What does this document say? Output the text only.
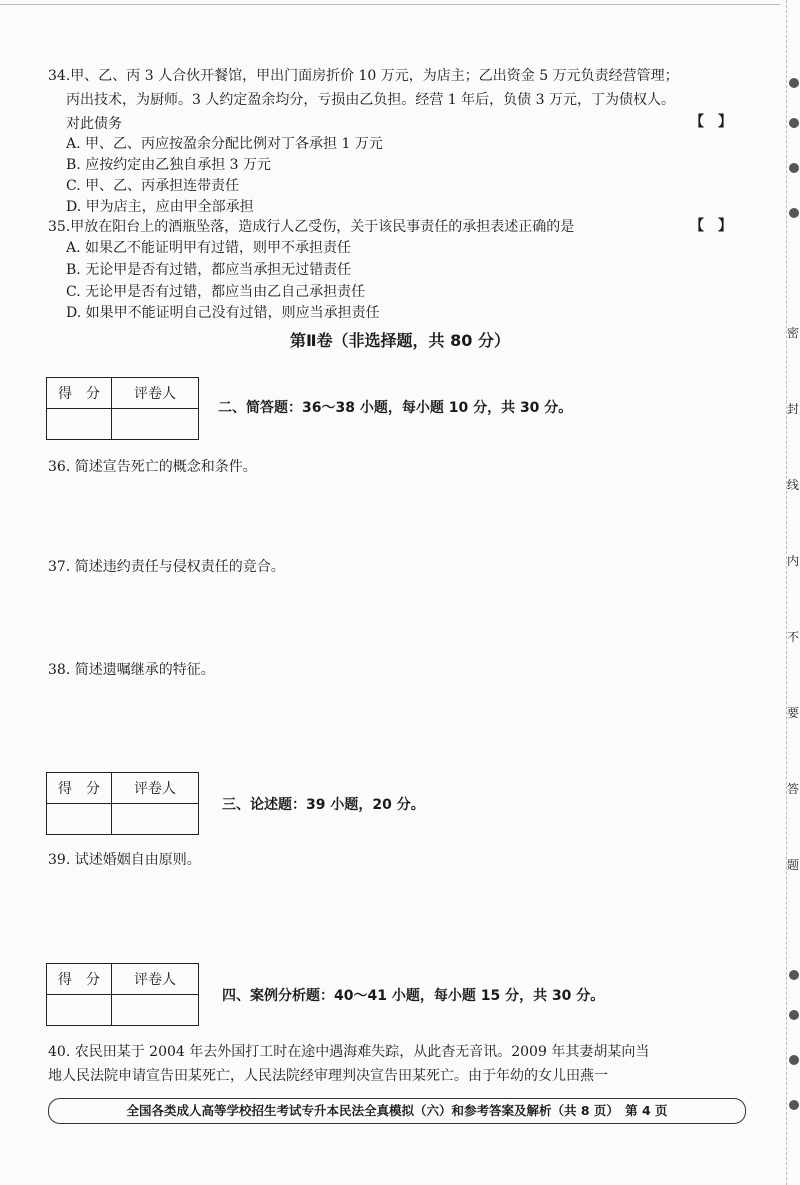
34.甲、乙、丙 3 人合伙开餐馆，甲出门面房折价 10 万元，为店主；乙出资金 5 万元负责经营管理；
丙出技术，为厨师。3 人约定盈余均分，亏损由乙负担。经营 1 年后，负债 3 万元，丁为债权人。
对此债务	【　】
A. 甲、乙、丙应按盈余分配比例对丁各承担 1 万元
B. 应按约定由乙独自承担 3 万元
C. 甲、乙、丙承担连带责任
D. 甲为店主，应由甲全部承担
35.甲放在阳台上的酒瓶坠落，造成行人乙受伤，关于该民事责任的承担表述正确的是	【　】
A. 如果乙不能证明甲有过错，则甲不承担责任
B. 无论甲是否有过错，都应当承担无过错责任
C. 无论甲是否有过错，都应当由乙自己承担责任
D. 如果甲不能证明自己没有过错，则应当承担责任
第Ⅱ卷（非选择题，共 80 分）
得　分	评卷人

二、简答题：36～38 小题，每小题 10 分，共 30 分。
36. 简述宣告死亡的概念和条件。
37. 简述违约责任与侵权责任的竞合。
38. 简述遗嘱继承的特征。
得　分	评卷人

三、论述题：39 小题，20 分。
39. 试述婚姻自由原则。
得　分	评卷人

四、案例分析题：40～41 小题，每小题 15 分，共 30 分。
40. 农民田某于 2004 年去外国打工时在途中遇海难失踪，从此杳无音讯。2009 年其妻胡某向当
地人民法院申请宣告田某死亡，人民法院经审理判决宣告田某死亡。由于年幼的女儿田燕一
全国各类成人高等学校招生考试专升本民法全真模拟（六）和参考答案及解析（共 8 页）　第 4 页
密
封
线
内
不
要
答
题
